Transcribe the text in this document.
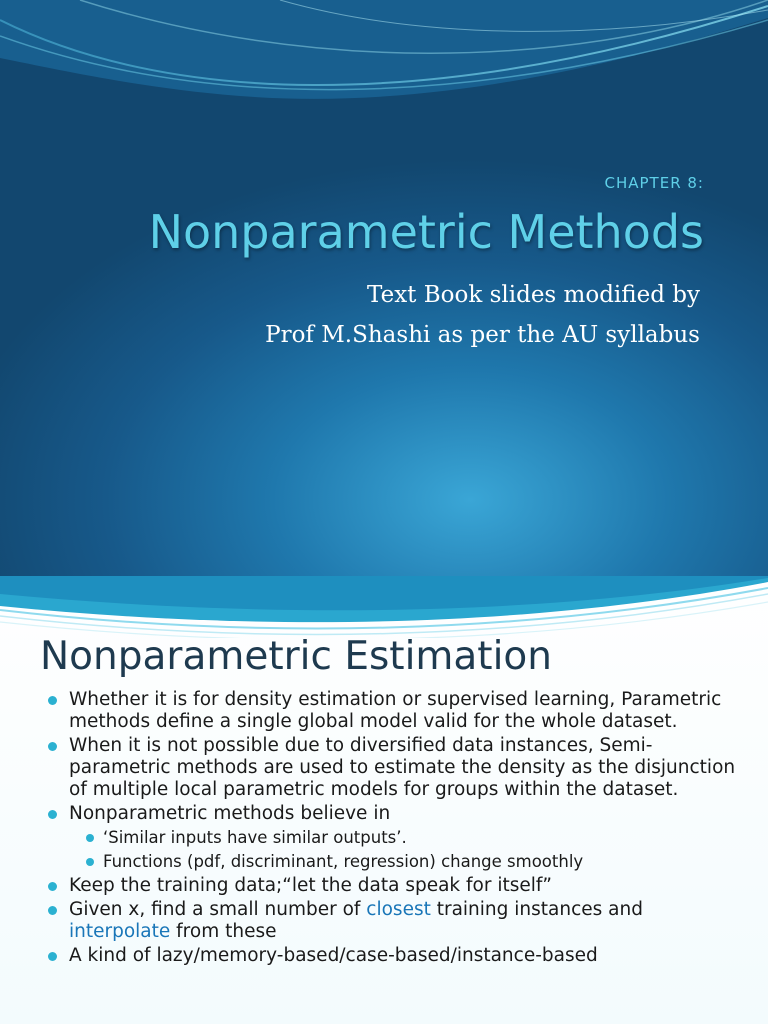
CHAPTER 8:
Nonparametric Methods
Text Book slides modified by
Prof M.Shashi as per the AU syllabus
Nonparametric Estimation
Whether it is for density estimation or supervised learning, Parametric methods define a single global model valid for the whole dataset.
When it is not possible due to diversified data instances, Semi-parametric methods are used to estimate the density as the disjunction of multiple local parametric models for groups within the dataset.
Nonparametric methods believe in
‘Similar inputs have similar outputs’.
Functions (pdf, discriminant, regression) change smoothly
Keep the training data;“let the data speak for itself”
Given x, find a small number of closest training instances and interpolate from these
A kind of lazy/memory-based/case-based/instance-based
